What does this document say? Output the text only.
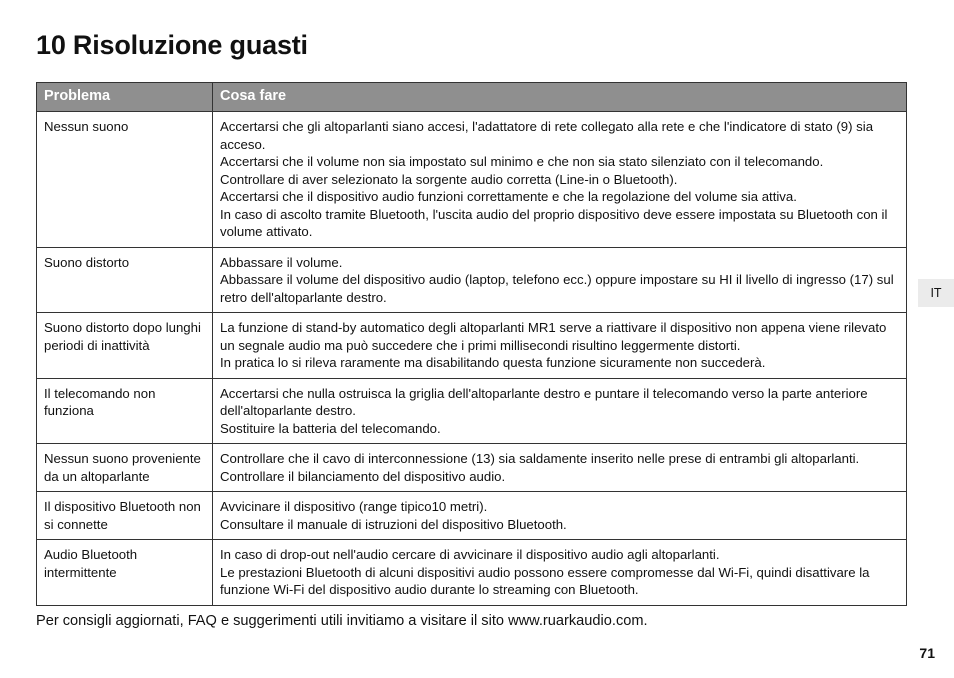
10 Risoluzione guasti
Problema	Cosa fare
Nessun suono	Accertarsi che gli altoparlanti siano accesi, l'adattatore di rete collegato alla rete e che l'indicatore di stato (9) sia acceso.
Accertarsi che il volume non sia impostato sul minimo e che non sia stato silenziato con il telecomando.
Controllare di aver selezionato la sorgente audio corretta (Line-in o Bluetooth).
Accertarsi che il dispositivo audio funzioni correttamente e che la regolazione del volume sia attiva.
In caso di ascolto tramite Bluetooth, l'uscita audio del proprio dispositivo deve essere impostata su Bluetooth con il volume attivato.

Suono distorto	Abbassare il volume.
Abbassare il volume del dispositivo audio (laptop, telefono ecc.) oppure impostare su HI il livello di ingresso (17) sul retro dell'altoparlante destro.

Suono distorto dopo lunghi periodi di inattività	La funzione di stand-by automatico degli altoparlanti MR1 serve a riattivare il dispositivo non appena viene rilevato un segnale audio ma può succedere che i primi millisecondi risultino leggermente distorti.
In pratica lo si rileva raramente ma disabilitando questa funzione sicuramente non succederà.

Il telecomando non funziona	Accertarsi che nulla ostruisca la griglia dell'altoparlante destro e puntare il telecomando verso la parte anteriore dell'altoparlante destro.
Sostituire la batteria del telecomando.

Nessun suono proveniente da un altoparlante	Controllare che il cavo di interconnessione (13) sia saldamente inserito nelle prese di entrambi gli altoparlanti.
Controllare il bilanciamento del dispositivo audio.

Il dispositivo Bluetooth non si connette	Avvicinare il dispositivo (range tipico10 metri).
Consultare il manuale di istruzioni del dispositivo Bluetooth.

Audio Bluetooth intermittente	In caso di drop-out nell'audio cercare di avvicinare il dispositivo audio agli altoparlanti.
Le prestazioni Bluetooth di alcuni dispositivi audio possono essere compromesse dal Wi-Fi, quindi disattivare la funzione Wi-Fi del dispositivo audio durante lo streaming con Bluetooth.

Per consigli aggiornati, FAQ e suggerimenti utili invitiamo a visitare il sito www.ruarkaudio.com.

IT
71
